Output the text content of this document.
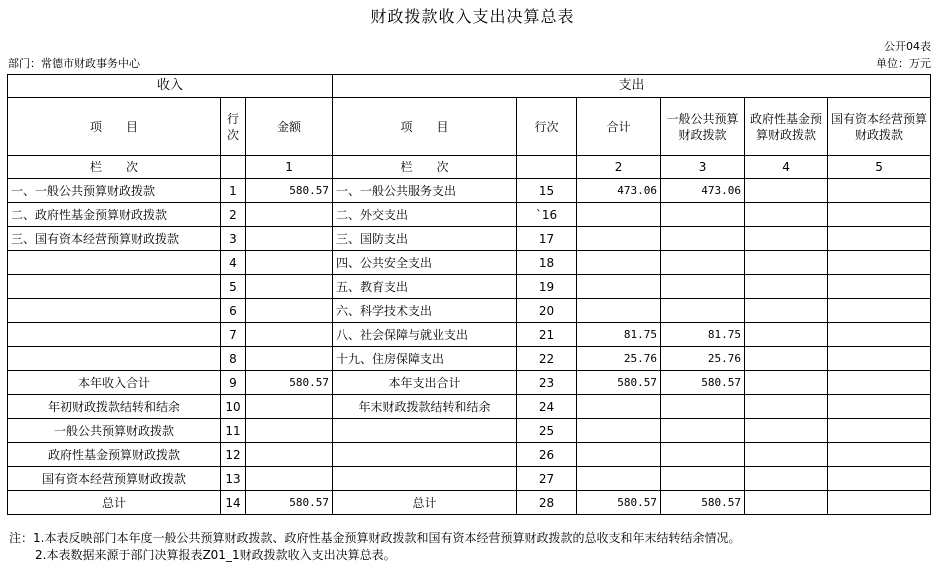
财政拨款收入支出决算总表
公开04表
部门：常德市财政事务中心	单位：万元
收入			支出					
项　　目	行次	金额	项　　目	行次	合计	一般公共预算财政拨款	政府性基金预算财政拨款	国有资本经营预算财政拨款
栏　　次		1	栏　　次		2	3	4	5
一、一般公共预算财政拨款	1	580.57	一、一般公共服务支出	15	473.06	473.06		
二、政府性基金预算财政拨款	2		二、外交支出	`16				
三、国有资本经营预算财政拨款	3		三、国防支出	17				
	4		四、公共安全支出	18				
	5		五、教育支出	19				
	6		六、科学技术支出	20				
	7		八、社会保障与就业支出	21	81.75	81.75		
	8		十九、住房保障支出	22	25.76	25.76		
本年收入合计	9	580.57	本年支出合计	23	580.57	580.57		
年初财政拨款结转和结余	10		年末财政拨款结转和结余	24				
一般公共预算财政拨款	11			25				
政府性基金预算财政拨款	12			26				
国有资本经营预算财政拨款	13			27				
总计	14	580.57	总计	28	580.57	580.57		
注：1.本表反映部门本年度一般公共预算财政拨款、政府性基金预算财政拨款和国有资本经营预算财政拨款的总收支和年末结转结余情况。
2.本表数据来源于部门决算报表Z01_1财政拨款收入支出决算总表。
